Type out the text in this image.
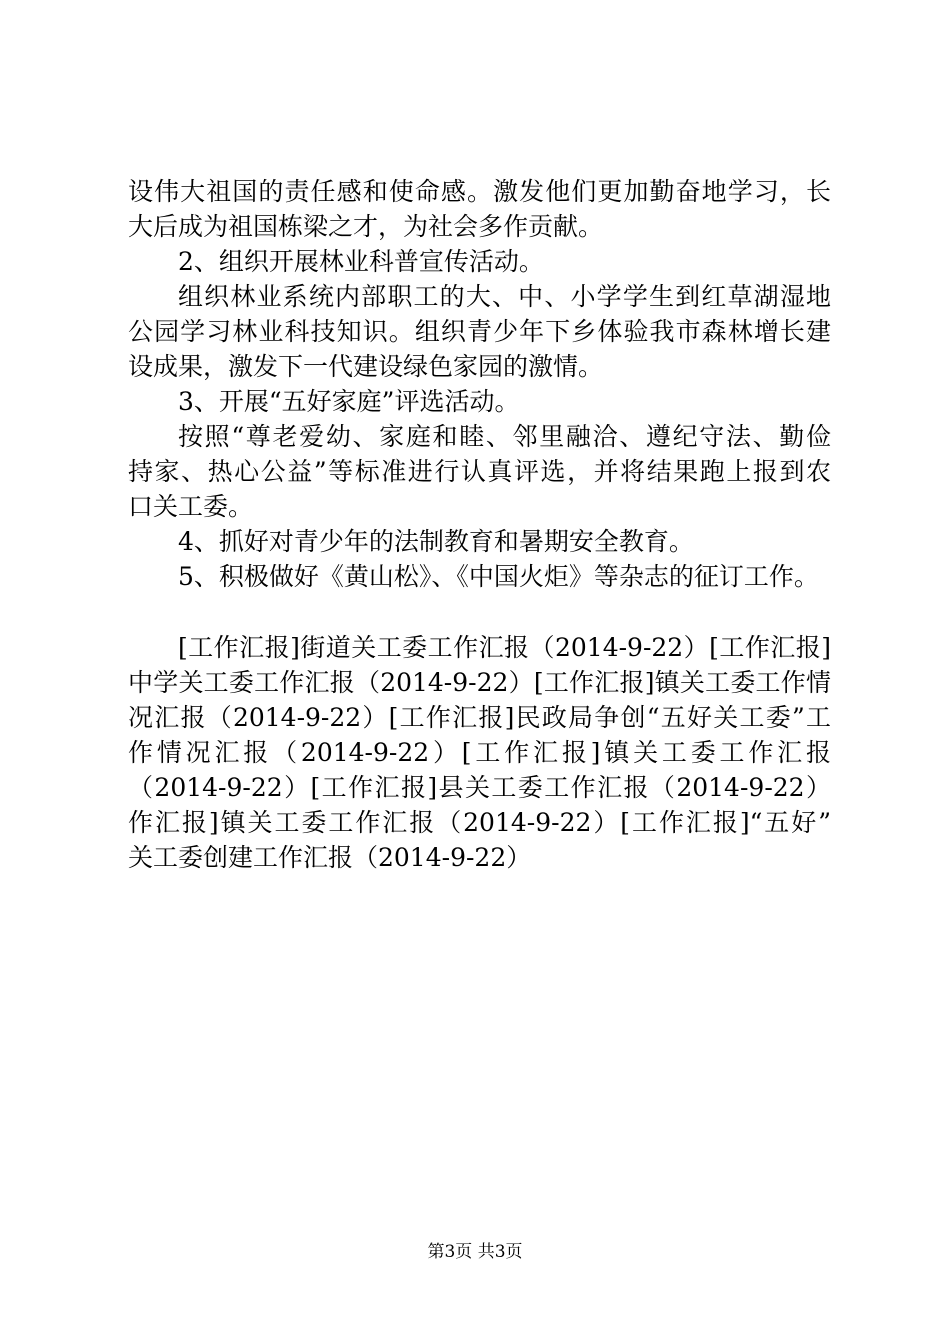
设伟大祖国的责任感和使命感。激发他们更加勤奋地学习，长
大后成为祖国栋梁之才，为社会多作贡献。
2、组织开展林业科普宣传活动。
组织林业系统内部职工的大、中、小学学生到红草湖湿地
公园学习林业科技知识。组织青少年下乡体验我市森林增长建
设成果，激发下一代建设绿色家园的激情。
3、开展“五好家庭”评选活动。
按照“尊老爱幼、家庭和睦、邻里融洽、遵纪守法、勤俭
持家、热心公益”等标准进行认真评选，并将结果跑上报到农
口关工委。
4、抓好对青少年的法制教育和暑期安全教育。
5、积极做好《黄山松》、《中国火炬》等杂志的征订工作。
[工作汇报]街道关工委工作汇报（2014-9-22）[工作汇报]
中学关工委工作汇报（2014-9-22）[工作汇报]镇关工委工作情
况汇报（2014-9-22）[工作汇报]民政局争创“五好关工委”工
作情况汇报（2014-9-22）[工作汇报]镇关工委工作汇报
（2014-9-22）[工作汇报]县关工委工作汇报（2014-9-22）
作汇报]镇关工委工作汇报（2014-9-22）[工作汇报]“五好”
关工委创建工作汇报（2014-9-22）
第3页 共3页
